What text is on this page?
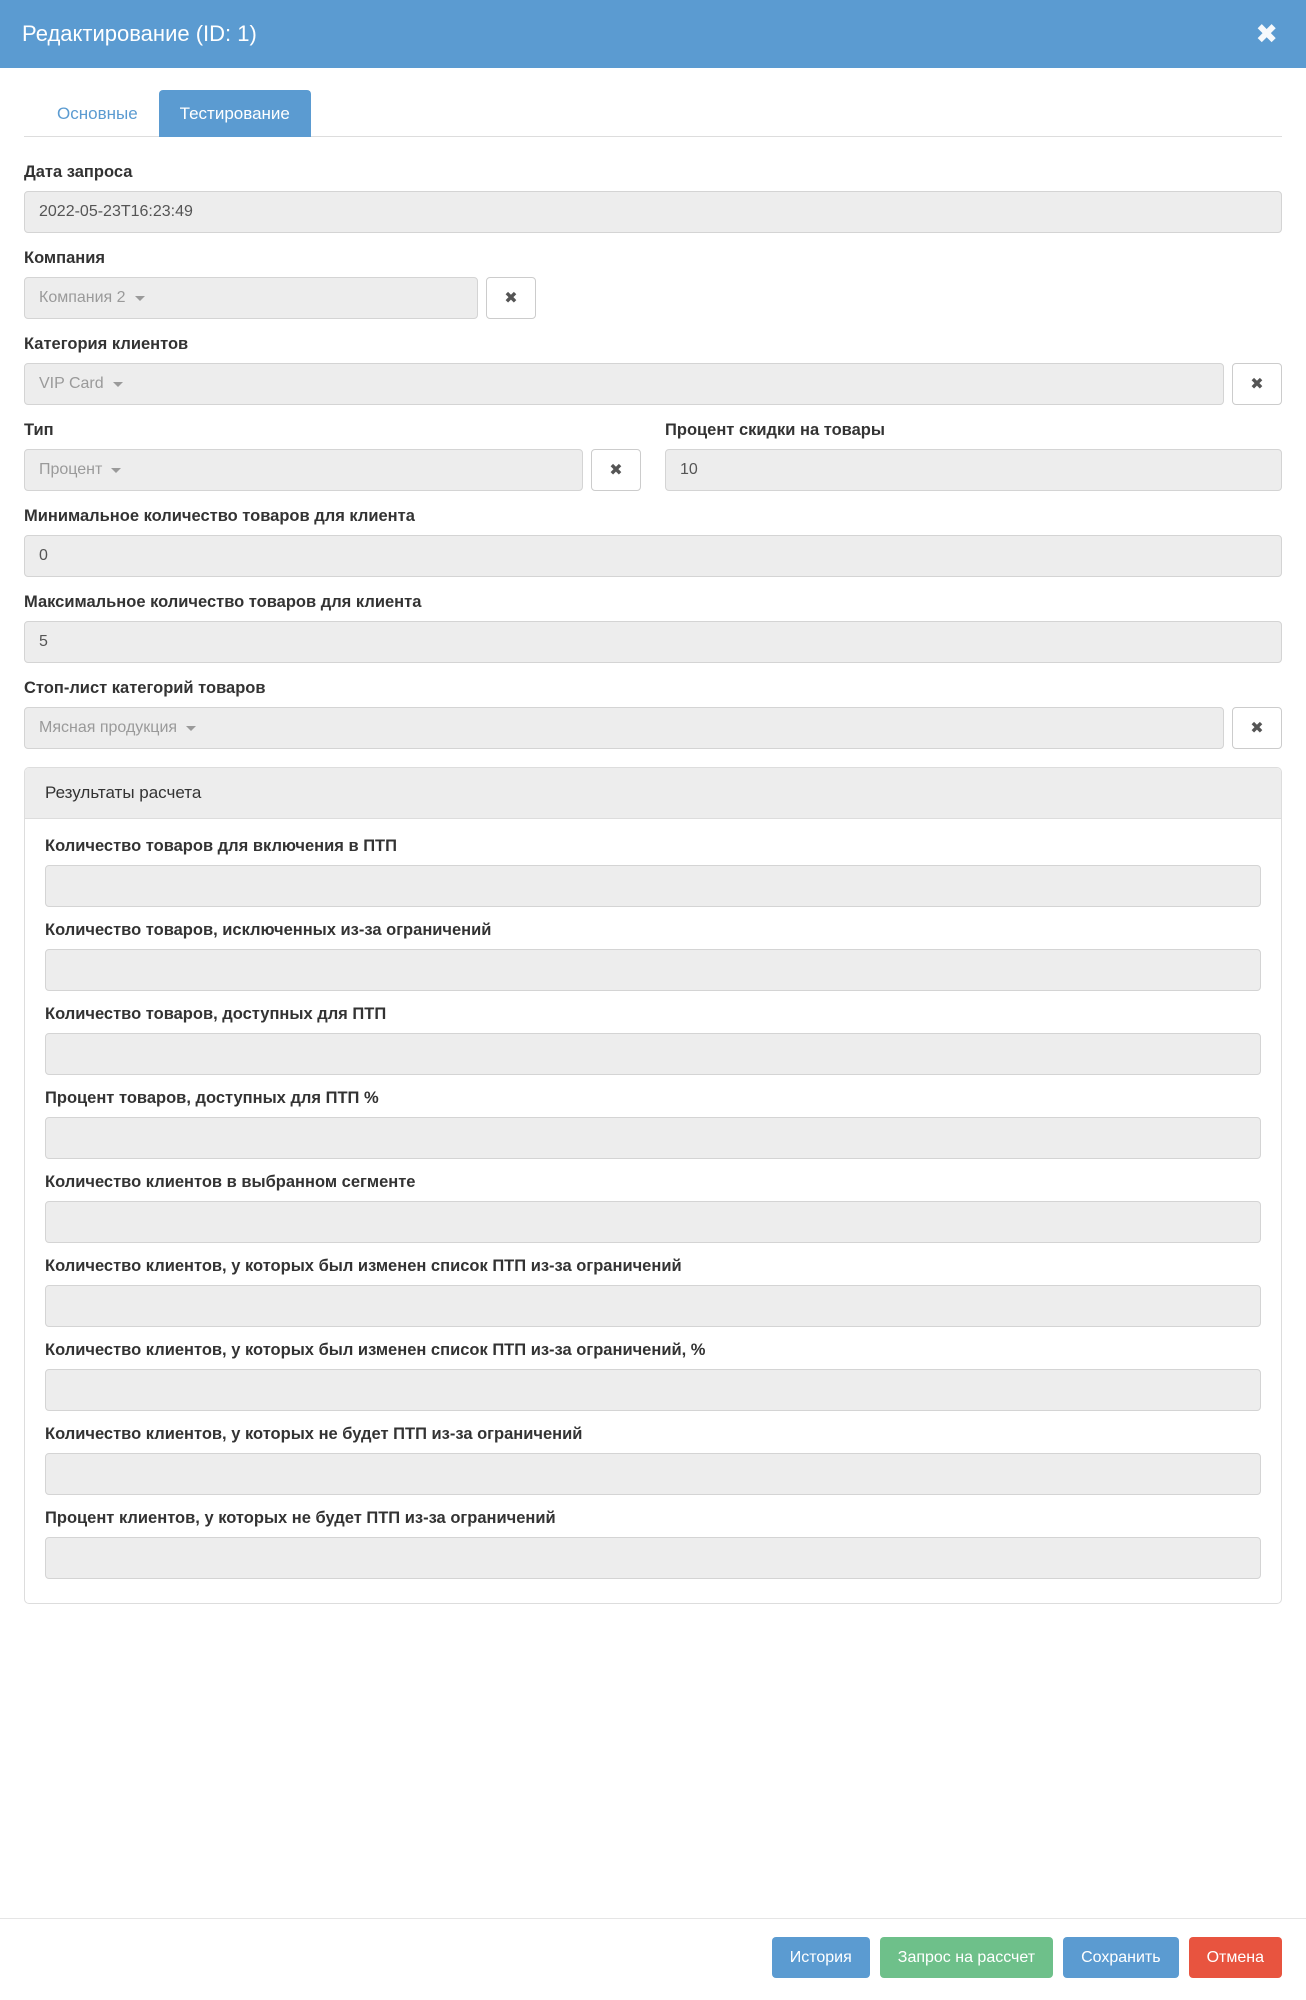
Редактирование (ID: 1)	✖
Основные	Тестирование
Дата запроса
2022-05-23T16:23:49
Компания
Компания 2	✖
Категория клиентов
VIP Card	✖
Тип
Процент	✖
Процент скидки на товары
10
Минимальное количество товаров для клиента
0
Максимальное количество товаров для клиента
5
Стоп-лист категорий товаров
Мясная продукция	✖
Результаты расчета
Количество товаров для включения в ПТП
Количество товаров, исключенных из-за ограничений
Количество товаров, доступных для ПТП
Процент товаров, доступных для ПТП %
Количество клиентов в выбранном сегменте
Количество клиентов, у которых был изменен список ПТП из-за ограничений
Количество клиентов, у которых был изменен список ПТП из-за ограничений, %
Количество клиентов, у которых не будет ПТП из-за ограничений
Процент клиентов, у которых не будет ПТП из-за ограничений
История	Запрос на рассчет	Сохранить	Отмена
